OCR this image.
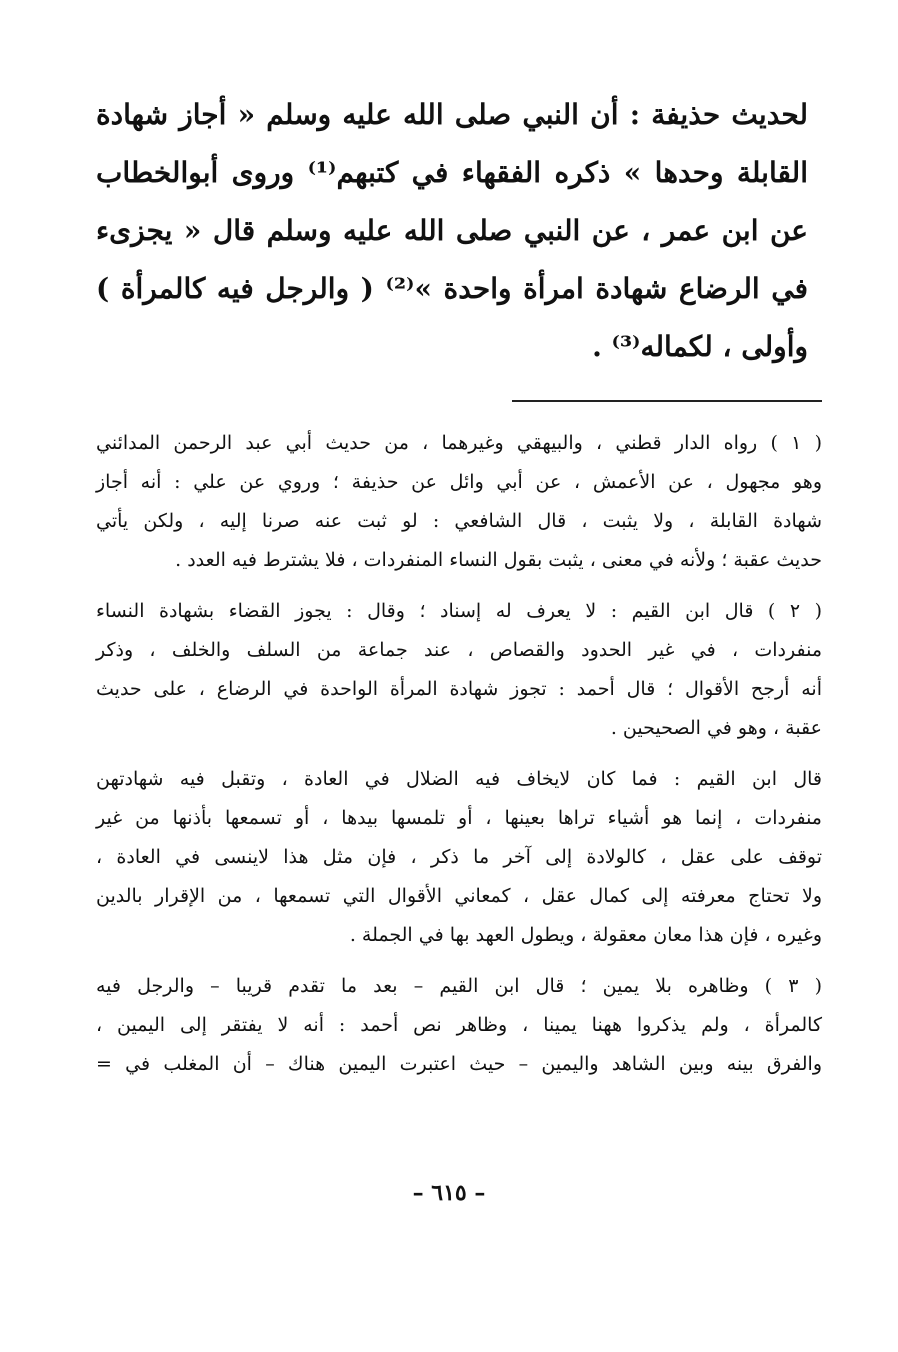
لحديث حذيفة : أن النبي صلى الله عليه وسلم « أجاز شهادة
القابلة وحدها » ذكره الفقهاء في كتبهم⁽¹⁾ وروى أبوالخطاب
عن ابن عمر ، عن النبي صلى الله عليه وسلم قال « يجزىء
في الرضاع شهادة امرأة واحدة »⁽²⁾ ( والرجل فيه كالمرأة )
وأولى ، لكماله⁽³⁾ .
( ١ ) رواه الدار قطني ، والبيهقي وغيرهما ، من حديث أبي عبد الرحمن المدائني
وهو مجهول ، عن الأعمش ، عن أبي وائل عن حذيفة ؛ وروي عن علي : أنه أجاز
شهادة القابلة ، ولا يثبت ، قال الشافعي : لو ثبت عنه صرنا إليه ، ولكن يأتي
حديث عقبة ؛ ولأنه في معنى ، يثبت بقول النساء المنفردات ، فلا يشترط فيه العدد .
( ٢ ) قال ابن القيم : لا يعرف له إسناد ؛ وقال : يجوز القضاء بشهادة النساء
منفردات ، في غير الحدود والقصاص ، عند جماعة من السلف والخلف ، وذكر
أنه أرجح الأقوال ؛ قال أحمد : تجوز شهادة المرأة الواحدة في الرضاع ، على حديث
عقبة ، وهو في الصحيحين .
قال ابن القيم : فما كان لايخاف فيه الضلال في العادة ، وتقبل فيه شهادتهن
منفردات ، إنما هو أشياء تراها بعينها ، أو تلمسها بيدها ، أو تسمعها بأذنها من غير
توقف على عقل ، كالولادة إلى آخر ما ذكر ، فإن مثل هذا لاينسى في العادة ،
ولا تحتاج معرفته إلى كمال عقل ، كمعاني الأقوال التي تسمعها ، من الإقرار بالدين
وغيره ، فإن هذا معان معقولة ، ويطول العهد بها في الجملة .
( ٣ ) وظاهره بلا يمين ؛ قال ابن القيم – بعد ما تقدم قريبا – والرجل فيه
كالمرأة ، ولم يذكروا ههنا يمينا ، وظاهر نص أحمد : أنه لا يفتقر إلى اليمين ،
والفرق بينه وبين الشاهد واليمين – حيث اعتبرت اليمين هناك – أن المغلب في =
– ٦١٥ –
